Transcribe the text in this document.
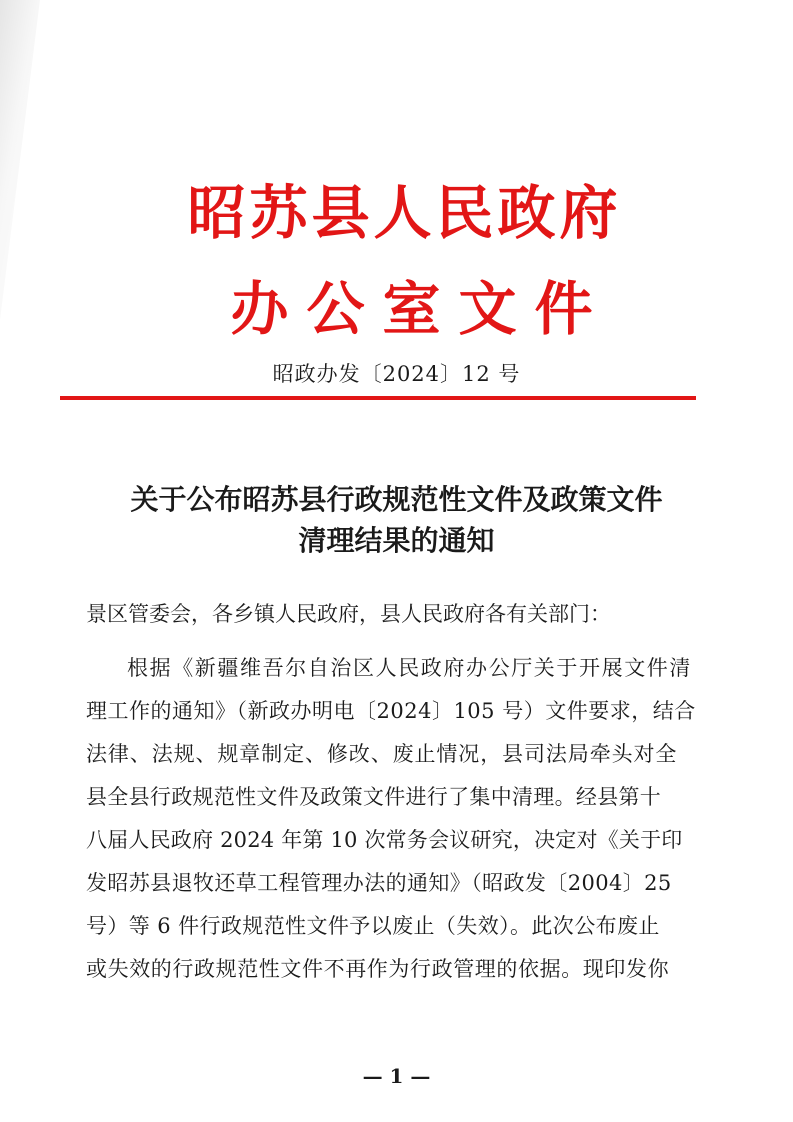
昭苏县人民政府
办公室文件
昭政办发〔2024〕12 号
关于公布昭苏县行政规范性文件及政策文件
清理结果的通知
景区管委会，各乡镇人民政府，县人民政府各有关部门：
根据《新疆维吾尔自治区人民政府办公厅关于开展文件清
理工作的通知》（新政办明电〔2024〕105 号）文件要求，结合
法律、法规、规章制定、修改、废止情况，县司法局牵头对全
县全县行政规范性文件及政策文件进行了集中清理。经县第十
八届人民政府 2024 年第 10 次常务会议研究，决定对《关于印
发昭苏县退牧还草工程管理办法的通知》（昭政发〔2004〕25
号）等 6 件行政规范性文件予以废止（失效）。此次公布废止
或失效的行政规范性文件不再作为行政管理的依据。现印发你
— 1 —
